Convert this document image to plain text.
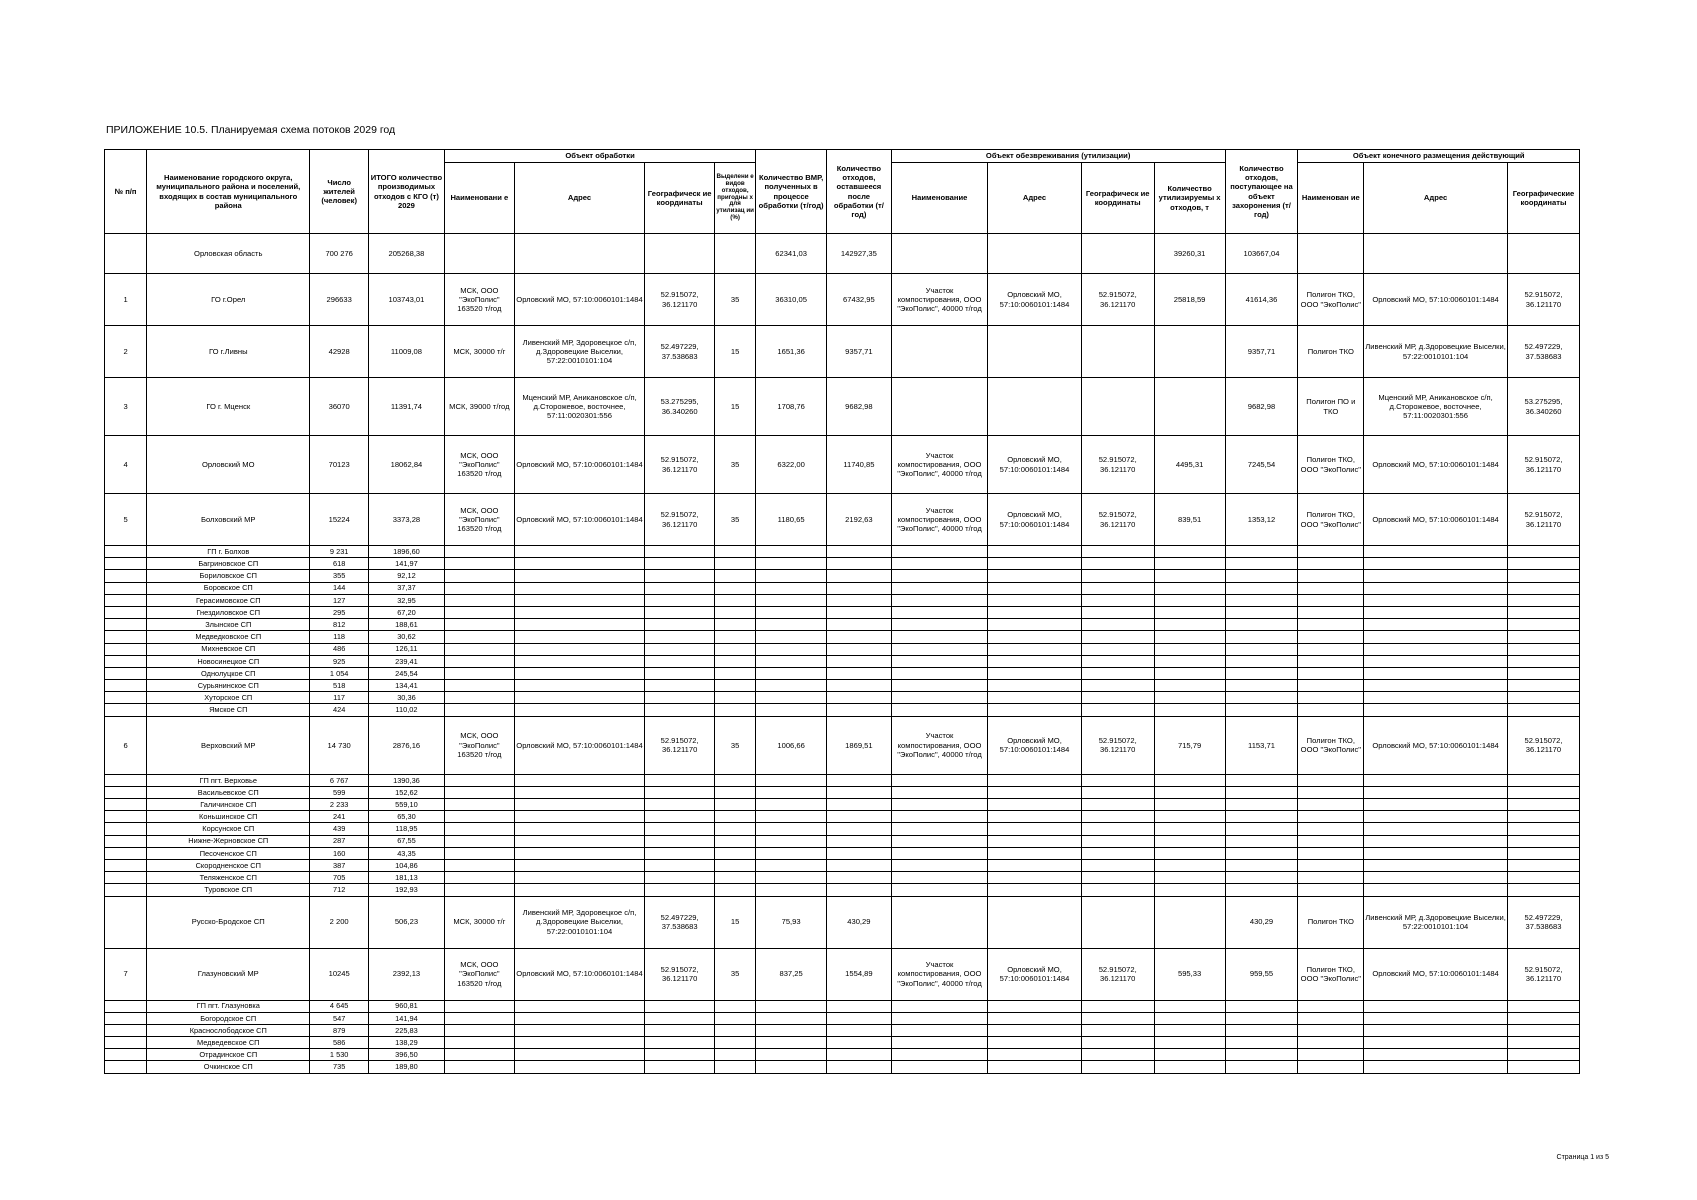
ПРИЛОЖЕНИЕ 10.5. Планируемая схема потоков 2029 год
№ п/п	Наименование городского округа, муниципального района и поселений, входящих в состав муниципального района	Число жителей (человек)	ИТОГО количество производимых отходов с КГО (т) 2029	Объект обработки				Количество ВМР, полученных в процессе обработки (т/год)	Количество отходов, оставшееся после обработки (т/год)	Объект обезвреживания (утилизации)				Количество отходов, поступающее на объект захоронения (т/год)	Объект конечного размещения действующий		
				Наименовани е	Адрес	Географическ ие координаты	Выделени е видов отходов, пригодны х для утилизац ии (%)			Наименование	Адрес	Географическ ие координаты	Количество утилизируемы х отходов, т		Наименован ие	Адрес	Географические координаты
	Орловская область	700 276	205268,38					62341,03	142927,35				39260,31	103667,04			
1	ГО г.Орел	296633	103743,01	МСК, ООО "ЭкоПолис" 163520 т/год	Орловский МО, 57:10:0060101:1484	52.915072, 36.121170	35	36310,05	67432,95	Участок компостирования, ООО "ЭкоПолис", 40000 т/год	Орловский МО, 57:10:0060101:1484	52.915072, 36.121170	25818,59	41614,36	Полигон ТКО, ООО "ЭкоПолис"	Орловский МО, 57:10:0060101:1484	52.915072, 36.121170
2	ГО г.Ливны	42928	11009,08	МСК, 30000 т/г	Ливенский МР, Здоровецкое с/п, д.Здоровецкие Выселки, 57:22:0010101:104	52.497229, 37.538683	15	1651,36	9357,71					9357,71	Полигон ТКО	Ливенский МР, д.Здоровецкие Выселки, 57:22:0010101:104	52.497229, 37.538683
3	ГО г. Мценск	36070	11391,74	МСК, 39000 т/год	Мценский МР, Аникановское с/п, д.Сторожевое, восточнее, 57:11:0020301:556	53.275295, 36.340260	15	1708,76	9682,98					9682,98	Полигон ПО и ТКО	Мценский МР, Аникановское с/п, д.Сторожевое, восточнее, 57:11:0020301:556	53.275295, 36.340260
4	Орловский МО	70123	18062,84	МСК, ООО "ЭкоПолис" 163520 т/год	Орловский МО, 57:10:0060101:1484	52.915072, 36.121170	35	6322,00	11740,85	Участок компостирования, ООО "ЭкоПолис", 40000 т/год	Орловский МО, 57:10:0060101:1484	52.915072, 36.121170	4495,31	7245,54	Полигон ТКО, ООО "ЭкоПолис"	Орловский МО, 57:10:0060101:1484	52.915072, 36.121170
5	Болховский МР	15224	3373,28	МСК, ООО "ЭкоПолис" 163520 т/год	Орловский МО, 57:10:0060101:1484	52.915072, 36.121170	35	1180,65	2192,63	Участок компостирования, ООО "ЭкоПолис", 40000 т/год	Орловский МО, 57:10:0060101:1484	52.915072, 36.121170	839,51	1353,12	Полигон ТКО, ООО "ЭкоПолис"	Орловский МО, 57:10:0060101:1484	52.915072, 36.121170
	ГП г. Болхов	9 231	1896,60														
	Багриновское СП	618	141,97														
	Бориловское СП	355	92,12														
	Боровское СП	144	37,37														
	Герасимовское СП	127	32,95														
	Гнездиловское СП	295	67,20														
	Злынское СП	812	188,61														
	Медведковское СП	118	30,62														
	Михневское СП	486	126,11														
	Новосинецкое СП	925	239,41														
	Однолуцкое СП	1 054	245,54														
	Сурьянинское СП	518	134,41														
	Хуторское СП	117	30,36														
	Ямское СП	424	110,02														
6	Верховский МР	14 730	2876,16	МСК, ООО "ЭкоПолис" 163520 т/год	Орловский МО, 57:10:0060101:1484	52.915072, 36.121170	35	1006,66	1869,51	Участок компостирования, ООО "ЭкоПолис", 40000 т/год	Орловский МО, 57:10:0060101:1484	52.915072, 36.121170	715,79	1153,71	Полигон ТКО, ООО "ЭкоПолис"	Орловский МО, 57:10:0060101:1484	52.915072, 36.121170
	ГП пгт. Верховье	6 767	1390,36														
	Васильевское СП	599	152,62														
	Галичинское СП	2 233	559,10														
	Коньшинское СП	241	65,30														
	Корсунское СП	439	118,95														
	Нижне-Жерновское СП	287	67,55														
	Песоченское СП	160	43,35														
	Скородненское СП	387	104,86														
	Теляженское СП	705	181,13														
	Туровское СП	712	192,93														
	Русско-Бродское СП	2 200	506,23	МСК, 30000 т/г	Ливенский МР, Здоровецкое с/п, д.Здоровецкие Выселки, 57:22:0010101:104	52.497229, 37.538683	15	75,93	430,29					430,29	Полигон ТКО	Ливенский МР, д.Здоровецкие Выселки, 57:22:0010101:104	52.497229, 37.538683
7	Глазуновский МР	10245	2392,13	МСК, ООО "ЭкоПолис" 163520 т/год	Орловский МО, 57:10:0060101:1484	52.915072, 36.121170	35	837,25	1554,89	Участок компостирования, ООО "ЭкоПолис", 40000 т/год	Орловский МО, 57:10:0060101:1484	52.915072, 36.121170	595,33	959,55	Полигон ТКО, ООО "ЭкоПолис"	Орловский МО, 57:10:0060101:1484	52.915072, 36.121170
	ГП пгт. Глазуновка	4 645	960,81														
	Богородское СП	547	141,94														
	Краснослободское СП	879	225,83														
	Медведевское СП	586	138,29														
	Отрадинское СП	1 530	396,50														
	Очкинское СП	735	189,80														
Страница 1 из 5
